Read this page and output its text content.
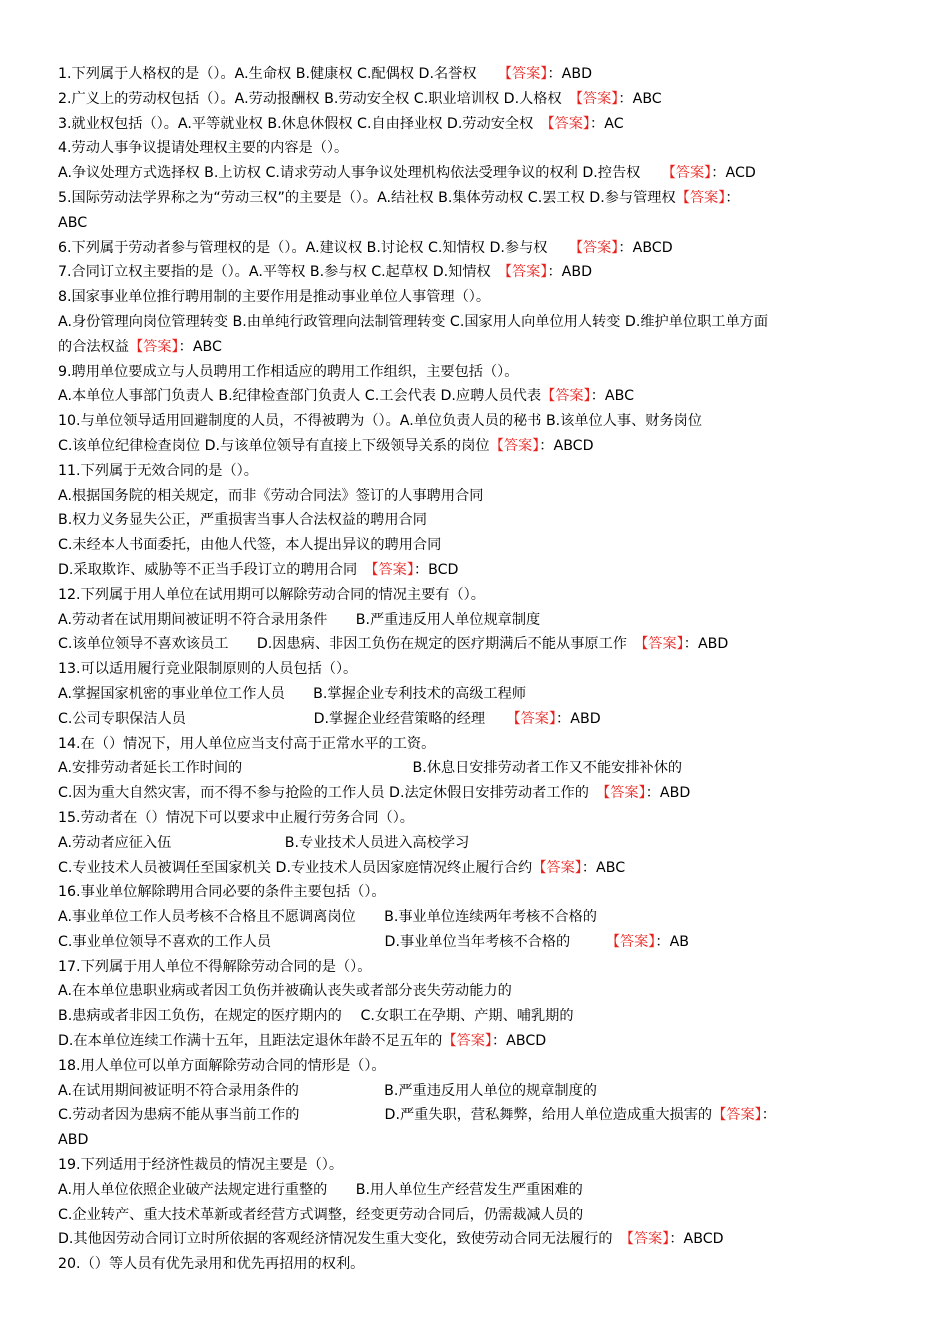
1.下列属于人格权的是（）。A.生命权 B.健康权 C.配偶权 D.名誉权　　【答案】：ABD
2.广义上的劳动权包括（）。A.劳动报酬权 B.劳动安全权 C.职业培训权 D.人格权　【答案】：ABC
3.就业权包括（）。A.平等就业权 B.休息休假权 C.自由择业权 D.劳动安全权　【答案】：AC
4.劳动人事争议提请处理权主要的内容是（）。
A.争议处理方式选择权 B.上访权 C.请求劳动人事争议处理机构依法受理争议的权利 D.控告权　　【答案】：ACD
5.国际劳动法学界称之为“劳动三权”的主要是（）。A.结社权 B.集体劳动权 C.罢工权 D.参与管理权【答案】：
ABC
6.下列属于劳动者参与管理权的是（）。A.建议权 B.讨论权 C.知情权 D.参与权　　【答案】：ABCD
7.合同订立权主要指的是（）。A.平等权 B.参与权 C.起草权 D.知情权　【答案】：ABD
8.国家事业单位推行聘用制的主要作用是推动事业单位人事管理（）。
A.身份管理向岗位管理转变 B.由单纯行政管理向法制管理转变 C.国家用人向单位用人转变 D.维护单位职工单方面
的合法权益【答案】：ABC
9.聘用单位要成立与人员聘用工作相适应的聘用工作组织，主要包括（）。
A.本单位人事部门负责人 B.纪律检查部门负责人 C.工会代表 D.应聘人员代表【答案】：ABC
10.与单位领导适用回避制度的人员，不得被聘为（）。A.单位负责人员的秘书 B.该单位人事、财务岗位
C.该单位纪律检查岗位 D.与该单位领导有直接上下级领导关系的岗位【答案】：ABCD
11.下列属于无效合同的是（）。
A.根据国务院的相关规定，而非《劳动合同法》签订的人事聘用合同
B.权力义务显失公正，严重损害当事人合法权益的聘用合同
C.未经本人书面委托，由他人代签，本人提出异议的聘用合同
D.采取欺诈、威胁等不正当手段订立的聘用合同　【答案】：BCD
12.下列属于用人单位在试用期可以解除劳动合同的情况主要有（）。
A.劳动者在试用期间被证明不符合录用条件　　B.严重违反用人单位规章制度
C.该单位领导不喜欢该员工　　D.因患病、非因工负伤在规定的医疗期满后不能从事原工作　【答案】：ABD
13.可以适用履行竞业限制原则的人员包括（）。
A.掌握国家机密的事业单位工作人员　　B.掌握企业专利技术的高级工程师
C.公司专职保洁人员　　　　　　　　　D.掌握企业经营策略的经理　　【答案】：ABD
14.在（）情况下，用人单位应当支付高于正常水平的工资。
A.安排劳动者延长工作时间的　　　　　　　　　　　　B.休息日安排劳动者工作又不能安排补休的
C.因为重大自然灾害，而不得不参与抢险的工作人员 D.法定休假日安排劳动者工作的　【答案】：ABD
15.劳动者在（）情况下可以要求中止履行劳务合同（）。
A.劳动者应征入伍　　　　　　　　B.专业技术人员进入高校学习
C.专业技术人员被调任至国家机关 D.专业技术人员因家庭情况终止履行合约【答案】：ABC
16.事业单位解除聘用合同必要的条件主要包括（）。
A.事业单位工作人员考核不合格且不愿调离岗位　　B.事业单位连续两年考核不合格的
C.事业单位领导不喜欢的工作人员　　　　　　　　D.事业单位当年考核不合格的　　　【答案】：AB
17.下列属于用人单位不得解除劳动合同的是（）。
A.在本单位患职业病或者因工负伤并被确认丧失或者部分丧失劳动能力的
B.患病或者非因工负伤，在规定的医疗期内的　 C.女职工在孕期、产期、哺乳期的
D.在本单位连续工作满十五年，且距法定退休年龄不足五年的【答案】：ABCD
18.用人单位可以单方面解除劳动合同的情形是（）。
A.在试用期间被证明不符合录用条件的　　　　　　B.严重违反用人单位的规章制度的
C.劳动者因为患病不能从事当前工作的　　　　　　D.严重失职，营私舞弊，给用人单位造成重大损害的【答案】：
ABD
19.下列适用于经济性裁员的情况主要是（）。
A.用人单位依照企业破产法规定进行重整的　　B.用人单位生产经营发生严重困难的
C.企业转产、重大技术革新或者经营方式调整，经变更劳动合同后，仍需裁减人员的
D.其他因劳动合同订立时所依据的客观经济情况发生重大变化，致使劳动合同无法履行的　【答案】：ABCD
20.（）等人员有优先录用和优先再招用的权利。
